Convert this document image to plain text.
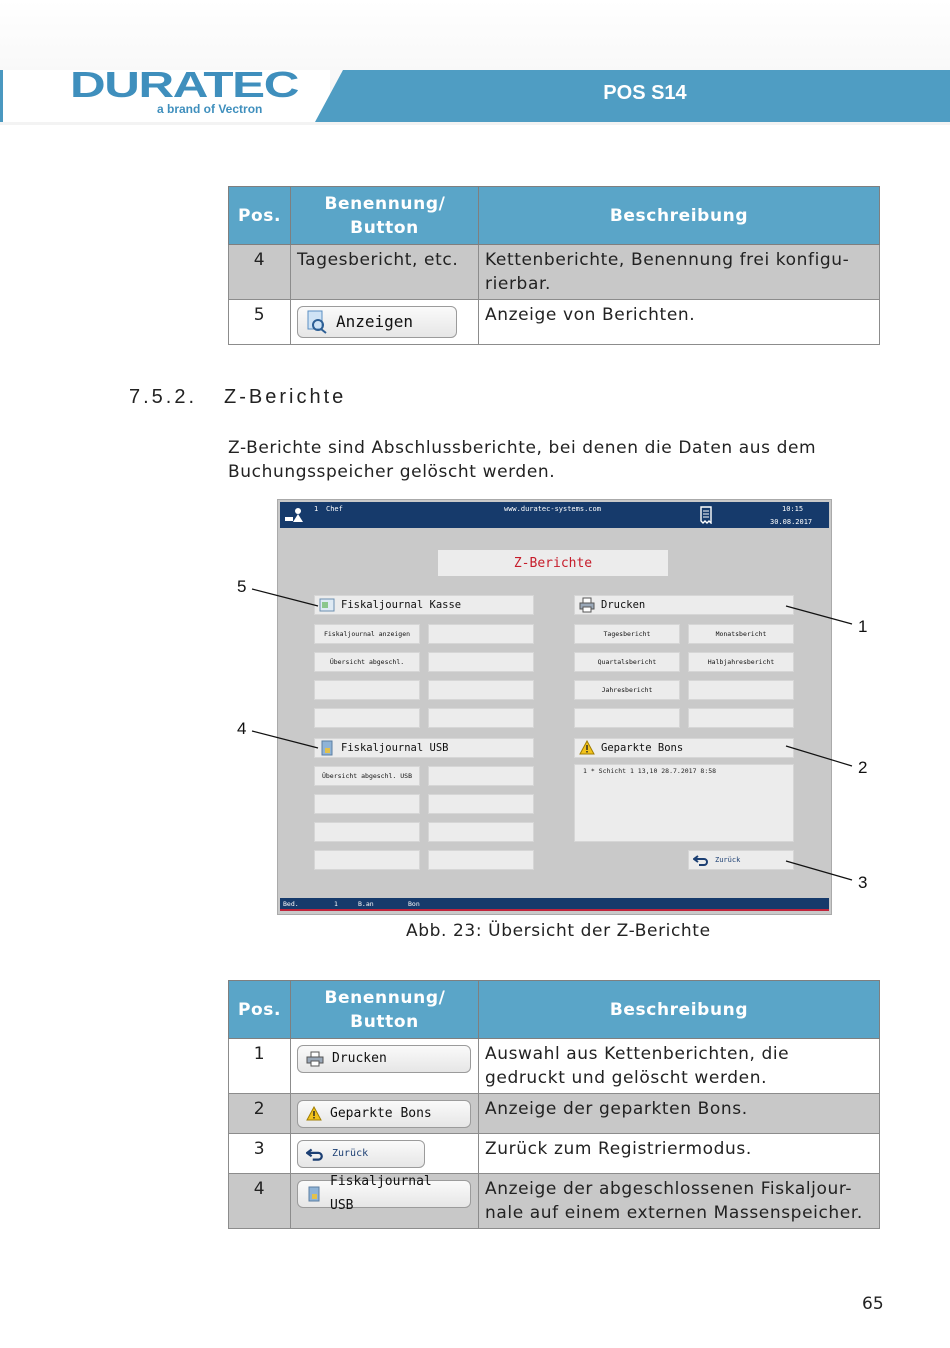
POS S14
DURATEC
a brand of Vectron
Pos.	Benennung/ Button	Beschreibung
4	Tagesbericht, etc.	Kettenberichte, Benennung frei konfigu-rierbar.
5	Anzeigen	Anzeige von Berichten.
7.5.2. Z-Berichte
Z-Berichte sind Abschlussberichte, bei denen die Daten aus dem Buchungsspeicher gelöscht werden.
1 Chef	www.duratec-systems.com	10:15
30.08.2017
Z-Berichte
Fiskaljournal Kasse
Fiskaljournal anzeigen
Übersicht abgeschl.
Drucken
Tagesbericht	Monatsbericht
Quartalsbericht	Halbjahresbericht
Jahresbericht
Fiskaljournal USB
Übersicht abgeschl. USB
Geparkte Bons
1 * Schicht 1 13,10 28.7.2017 8:58
Zurück
Bed.	1	B.an	Bon
5
4
1
2
3
Abb. 23: Übersicht der Z-Berichte
Pos.	Benennung/ Button	Beschreibung
1	Drucken	Auswahl aus Kettenberichten, die gedruckt und gelöscht werden.
2	Geparkte Bons	Anzeige der geparkten Bons.
3	Zurück	Zurück zum Registriermodus.
4	Fiskaljournal USB	Anzeige der abgeschlossenen Fiskaljour-nale auf einem externen Massenspeicher.
65
